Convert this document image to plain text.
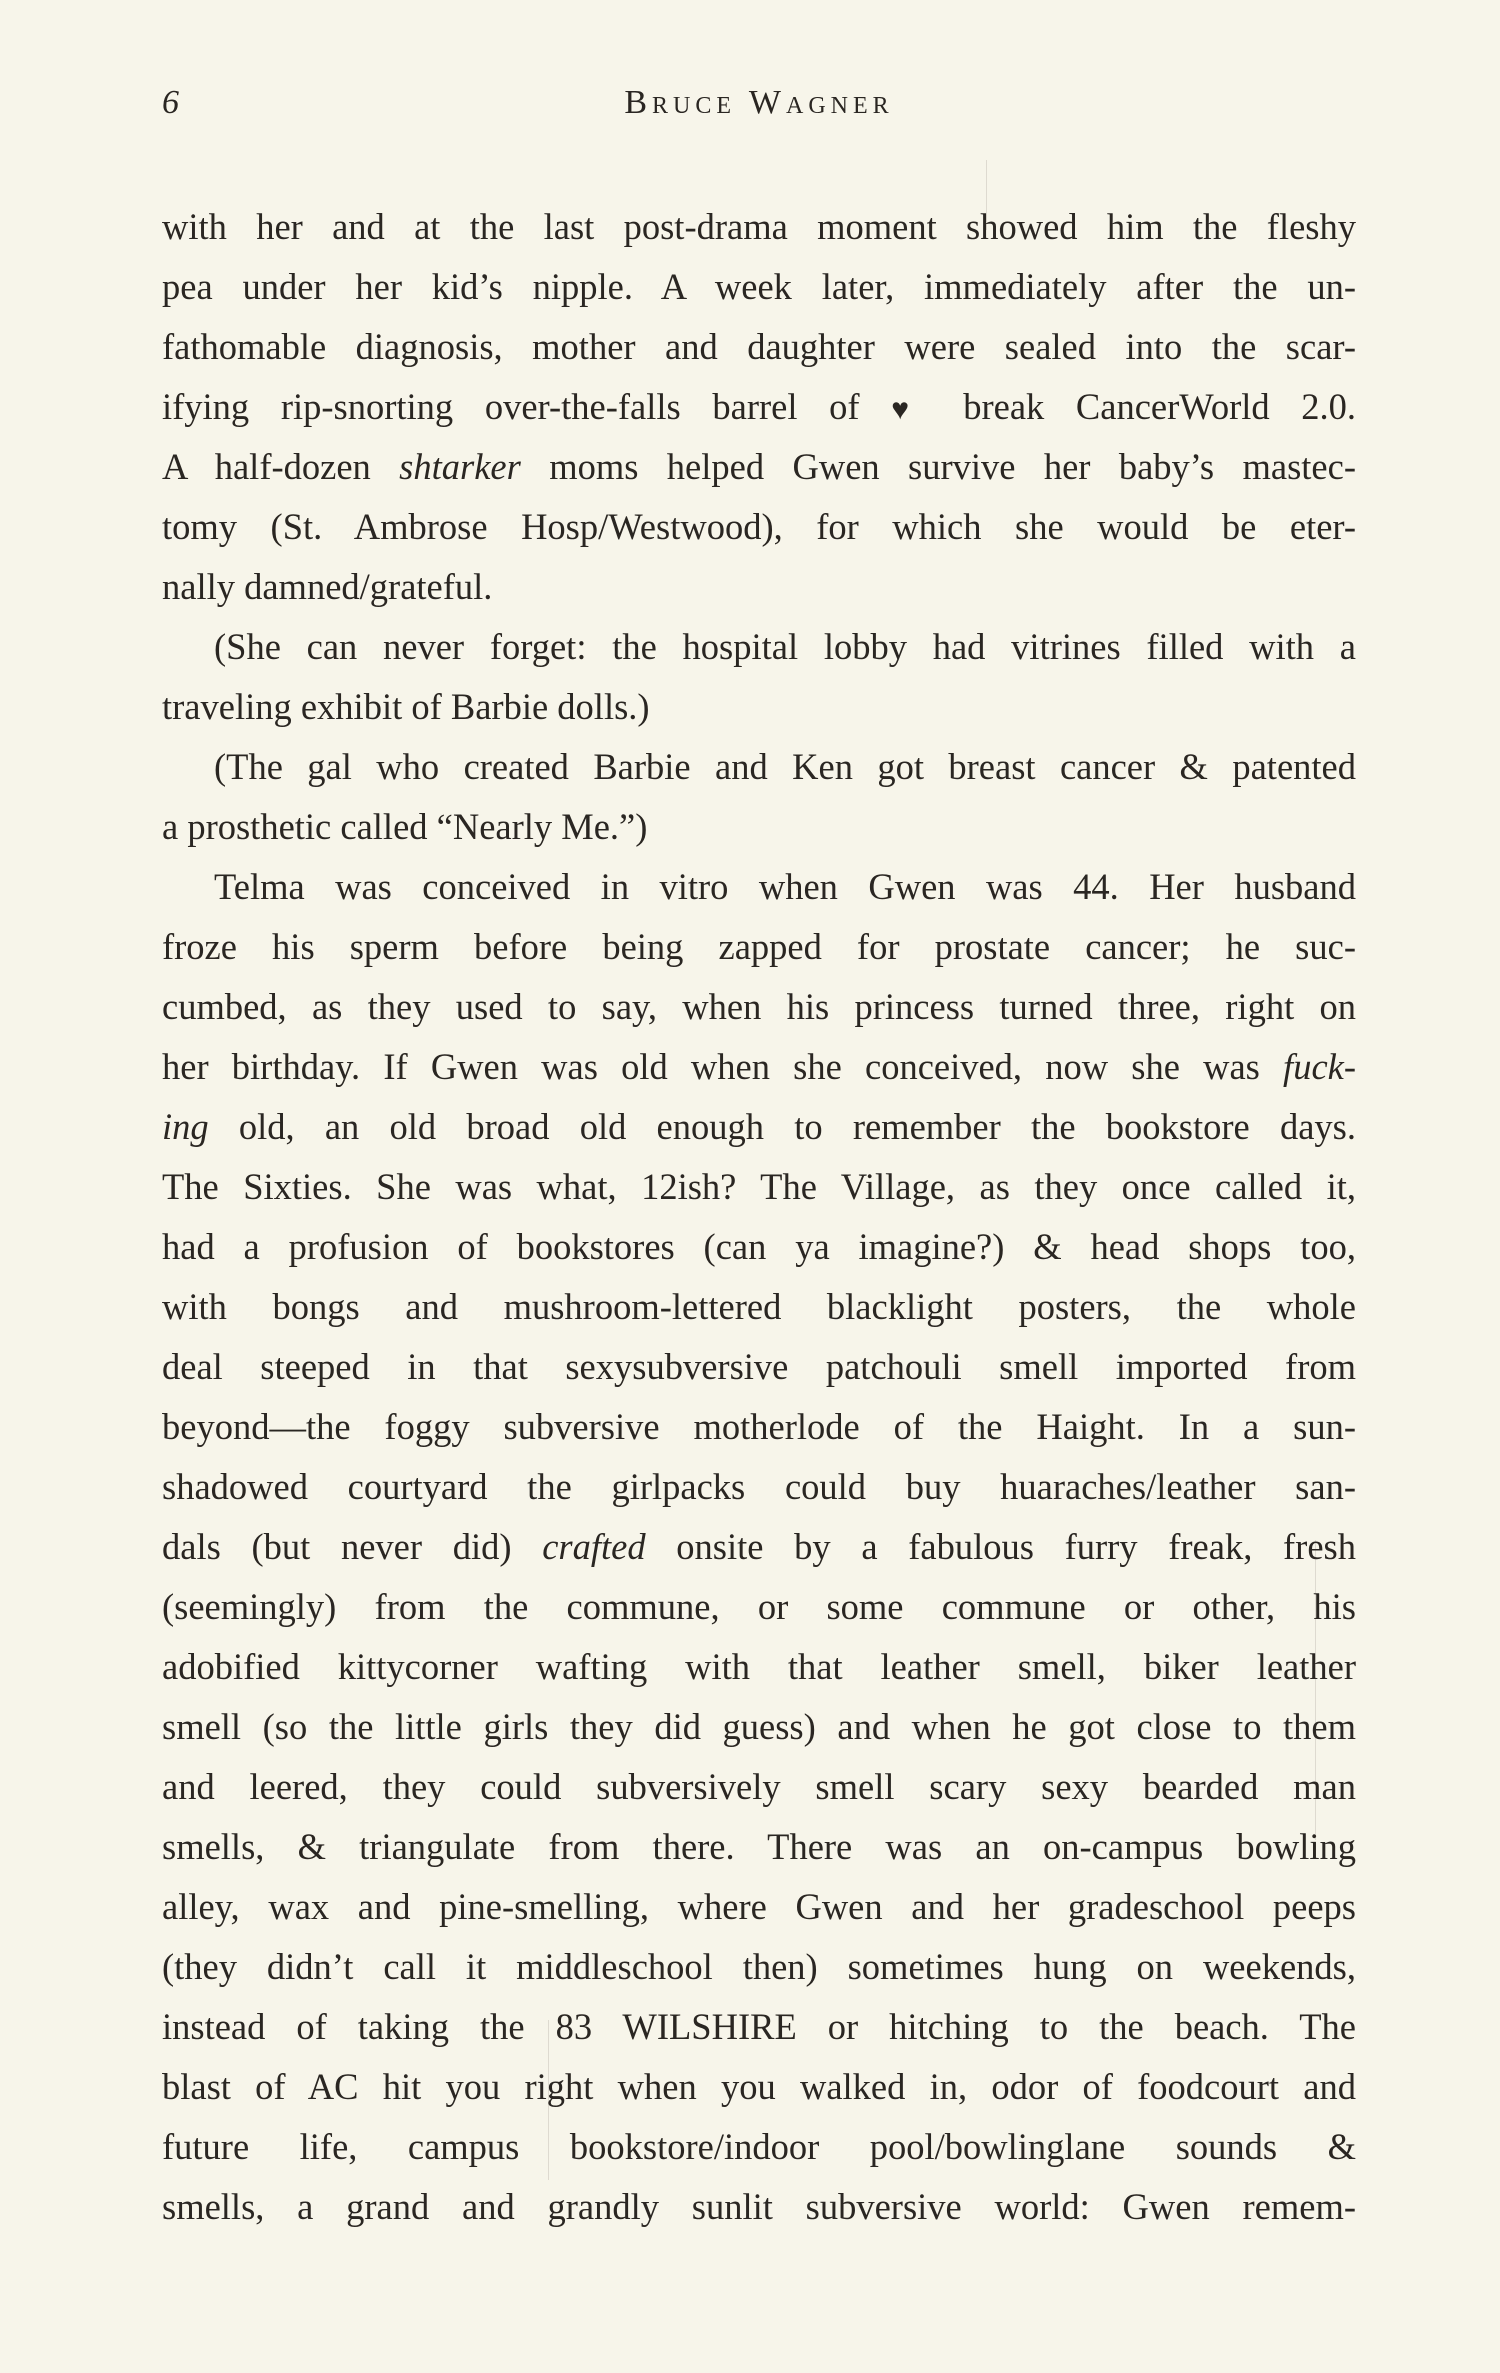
6	Bruce Wagner
with her and at the last post-drama moment showed him the fleshy
pea under her kid’s nipple. A week later, immediately after the un-
fathomable diagnosis, mother and daughter were sealed into the scar-
ifying rip-snorting over-the-falls barrel of ♥ break CancerWorld 2.0.
A half-dozen shtarker moms helped Gwen survive her baby’s mastec-
tomy (St. Ambrose Hosp/Westwood), for which she would be eter-
nally damned/grateful.
(She can never forget: the hospital lobby had vitrines filled with a
traveling exhibit of Barbie dolls.)
(The gal who created Barbie and Ken got breast cancer & patented
a prosthetic called “Nearly Me.”)
Telma was conceived in vitro when Gwen was 44. Her husband
froze his sperm before being zapped for prostate cancer; he suc-
cumbed, as they used to say, when his princess turned three, right on
her birthday. If Gwen was old when she conceived, now she was fuck-
ing old, an old broad old enough to remember the bookstore days.
The Sixties. She was what, 12ish? The Village, as they once called it,
had a profusion of bookstores (can ya imagine?) & head shops too,
with bongs and mushroom-lettered blacklight posters, the whole
deal steeped in that sexysubversive patchouli smell imported from
beyond—the foggy subversive motherlode of the Haight. In a sun-
shadowed courtyard the girlpacks could buy huaraches/leather san-
dals (but never did) crafted onsite by a fabulous furry freak, fresh
(seemingly) from the commune, or some commune or other, his
adobified kittycorner wafting with that leather smell, biker leather
smell (so the little girls they did guess) and when he got close to them
and leered, they could subversively smell scary sexy bearded man
smells, & triangulate from there. There was an on-campus bowling
alley, wax and pine-smelling, where Gwen and her gradeschool peeps
(they didn’t call it middleschool then) sometimes hung on weekends,
instead of taking the 83 WILSHIRE or hitching to the beach. The
blast of AC hit you right when you walked in, odor of foodcourt and
future life, campus bookstore/indoor pool/bowlinglane sounds &
smells, a grand and grandly sunlit subversive world: Gwen remem-
